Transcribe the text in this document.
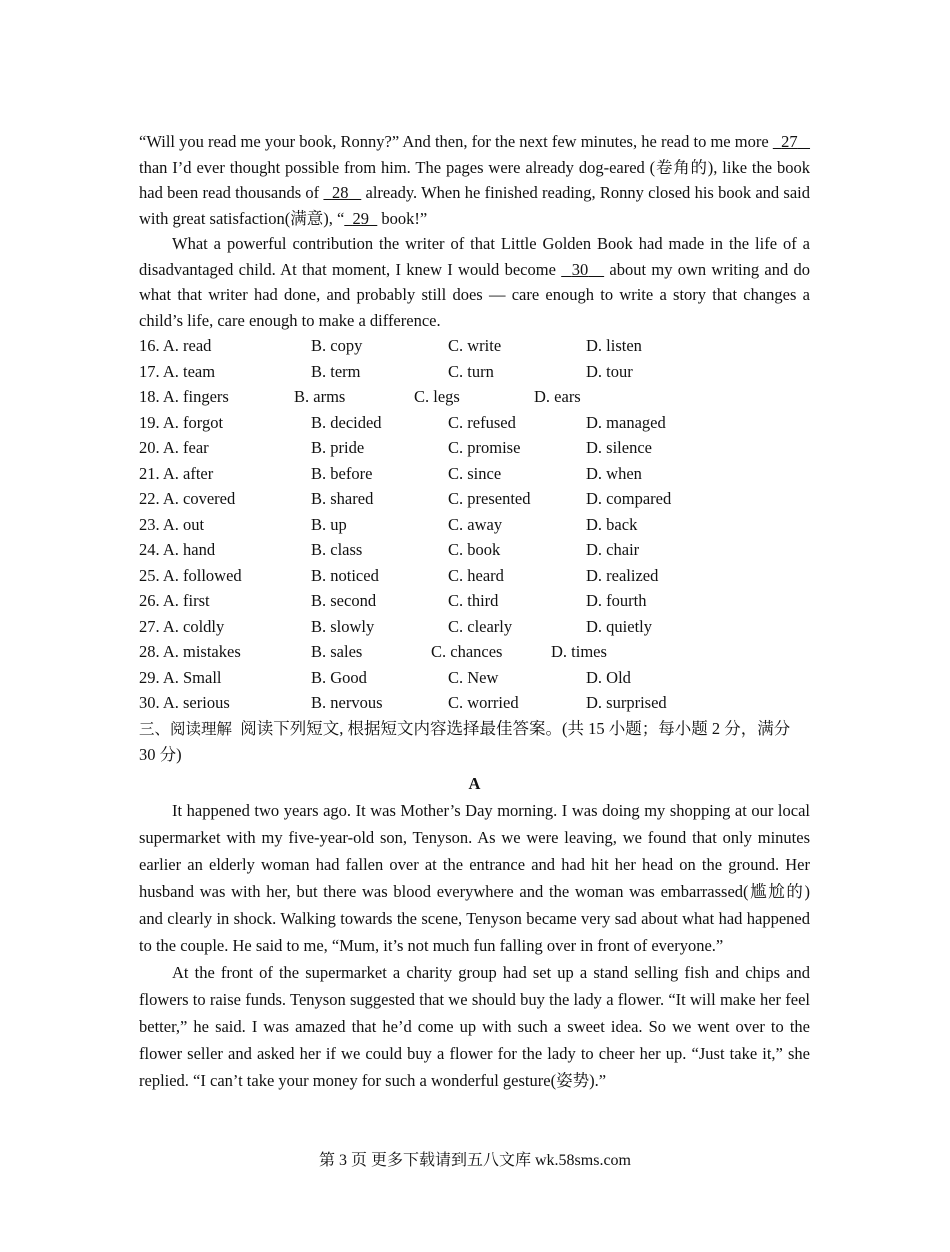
“Will you read me your book, Ronny?” And then, for the next few minutes, he read to me more   27    than I’d ever thought possible from him. The pages were already dog-eared (卷角的), like the book had been read thousands of   28    already. When he finished reading, Ronny closed his book and said with great satisfaction(满意), “ 29   book!”

What a powerful contribution the writer of that Little Golden Book had made in the life of a disadvantaged child. At that moment, I knew I would become   30    about my own writing and do what that writer had done, and probably still does — care enough to write a story that changes a child’s life, care enough to make a difference.

16. A. read	B. copy	C. write	D. listen
17. A. team	B. term	C. turn	D. tour
18. A. fingers	B. arms	C. legs	D. ears
19. A. forgot	B. decided	C. refused	D. managed
20. A. fear	B. pride	C. promise	D. silence
21. A. after	B. before	C. since	D. when
22. A. covered	B. shared	C. presented	D. compared
23. A. out	B. up	C. away	D. back
24. A. hand	B. class	C. book	D. chair
25. A. followed	B. noticed	C. heard	D. realized
26. A. first	B. second	C. third	D. fourth
27. A. coldly	B. slowly	C. clearly	D. quietly
28. A. mistakes	B. sales	C. chances	D. times
29. A. Small	B. Good	C. New	D. Old
30. A. serious	B. nervous	C. worried	D. surprised

三、阅读理解 阅读下列短文, 根据短文内容选择最佳答案。(共 15 小题；每小题 2 分，满分 30 分)

A

It happened two years ago. It was Mother’s Day morning. I was doing my shopping at our local supermarket with my five-year-old son, Tenyson. As we were leaving, we found that only minutes earlier an elderly woman had fallen over at the entrance and had hit her head on the ground. Her husband was with her, but there was blood everywhere and the woman was embarrassed(尴尬的) and clearly in shock. Walking towards the scene, Tenyson became very sad about what had happened to the couple. He said to me, “Mum, it’s not much fun falling over in front of everyone.”

At the front of the supermarket a charity group had set up a stand selling fish and chips and flowers to raise funds. Tenyson suggested that we should buy the lady a flower. “It will make her feel better,” he said. I was amazed that he’d come up with such a sweet idea. So we went over to the flower seller and asked her if we could buy a flower for the lady to cheer her up. “Just take it,” she replied. “I can’t take your money for such a wonderful gesture(姿势).”

第 3 页 更多下载请到五八文库 wk.58sms.com
